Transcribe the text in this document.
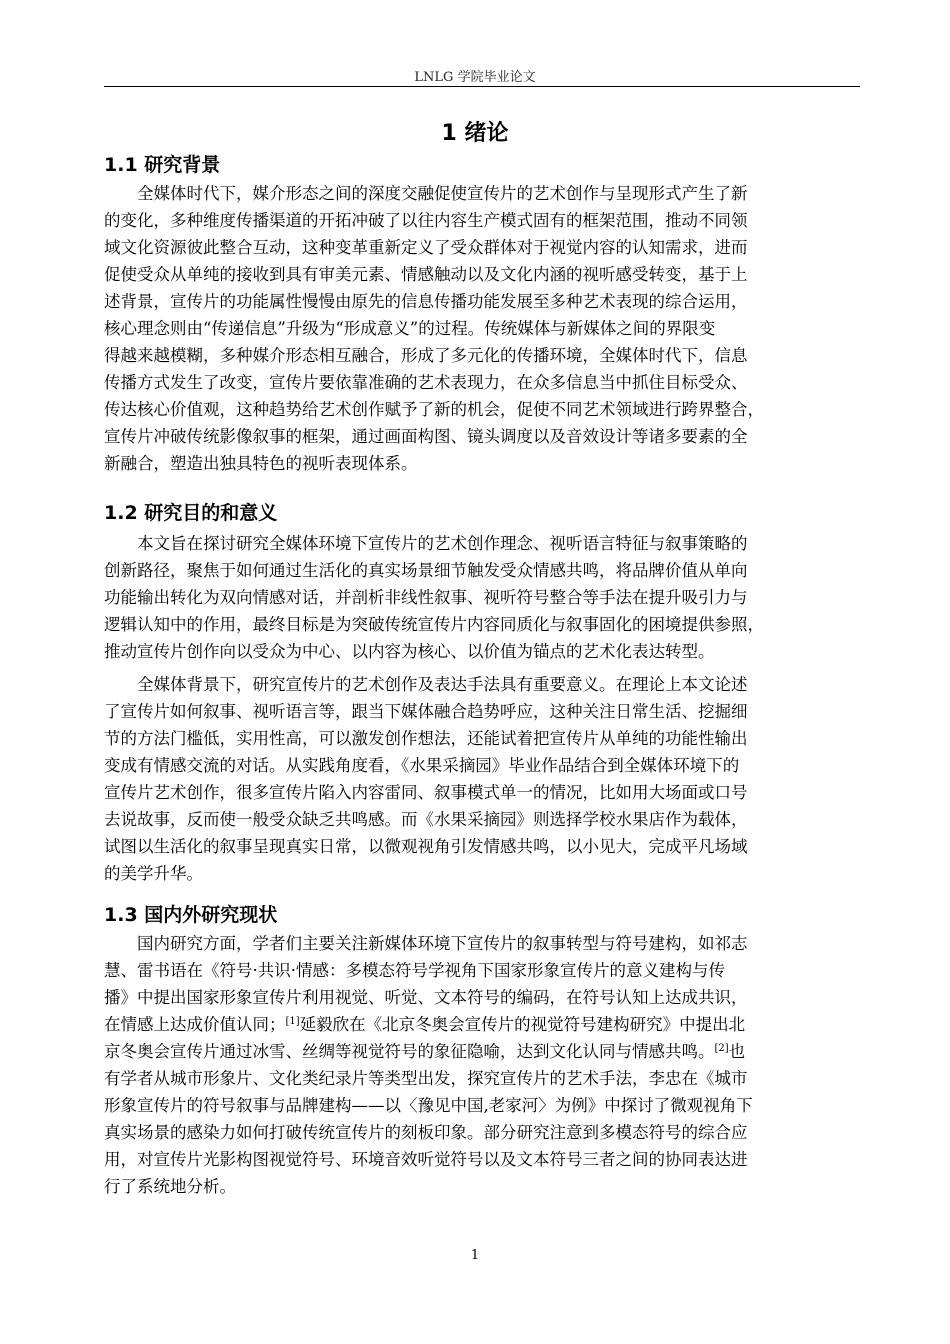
LNLG 学院毕业论文
1 绪论
1.1 研究背景
全媒体时代下，媒介形态之间的深度交融促使宣传片的艺术创作与呈现形式产生了新
的变化，多种维度传播渠道的开拓冲破了以往内容生产模式固有的框架范围，推动不同领
域文化资源彼此整合互动，这种变革重新定义了受众群体对于视觉内容的认知需求，进而
促使受众从单纯的接收到具有审美元素、情感触动以及文化内涵的视听感受转变，基于上
述背景，宣传片的功能属性慢慢由原先的信息传播功能发展至多种艺术表现的综合运用，
核心理念则由“传递信息”升级为“形成意义”的过程。传统媒体与新媒体之间的界限变
得越来越模糊，多种媒介形态相互融合，形成了多元化的传播环境，全媒体时代下，信息
传播方式发生了改变，宣传片要依靠准确的艺术表现力，在众多信息当中抓住目标受众、
传达核心价值观，这种趋势给艺术创作赋予了新的机会，促使不同艺术领域进行跨界整合，
宣传片冲破传统影像叙事的框架，通过画面构图、镜头调度以及音效设计等诸多要素的全
新融合，塑造出独具特色的视听表现体系。
1.2 研究目的和意义
本文旨在探讨研究全媒体环境下宣传片的艺术创作理念、视听语言特征与叙事策略的
创新路径，聚焦于如何通过生活化的真实场景细节触发受众情感共鸣，将品牌价值从单向
功能输出转化为双向情感对话，并剖析非线性叙事、视听符号整合等手法在提升吸引力与
逻辑认知中的作用，最终目标是为突破传统宣传片内容同质化与叙事固化的困境提供参照，
推动宣传片创作向以受众为中心、以内容为核心、以价值为锚点的艺术化表达转型。
全媒体背景下，研究宣传片的艺术创作及表达手法具有重要意义。在理论上本文论述
了宣传片如何叙事、视听语言等，跟当下媒体融合趋势呼应，这种关注日常生活、挖掘细
节的方法门槛低，实用性高，可以激发创作想法，还能试着把宣传片从单纯的功能性输出
变成有情感交流的对话。从实践角度看，《水果采摘园》毕业作品结合到全媒体环境下的
宣传片艺术创作，很多宣传片陷入内容雷同、叙事模式单一的情况，比如用大场面或口号
去说故事，反而使一般受众缺乏共鸣感。而《水果采摘园》则选择学校水果店作为载体，
试图以生活化的叙事呈现真实日常，以微观视角引发情感共鸣，以小见大，完成平凡场域
的美学升华。
1.3 国内外研究现状
国内研究方面，学者们主要关注新媒体环境下宣传片的叙事转型与符号建构，如祁志
慧、雷书语在《符号·共识·情感：多模态符号学视角下国家形象宣传片的意义建构与传
播》中提出国家形象宣传片利用视觉、听觉、文本符号的编码，在符号认知上达成共识，
在情感上达成价值认同；[1]延毅欣在《北京冬奥会宣传片的视觉符号建构研究》中提出北
京冬奥会宣传片通过冰雪、丝绸等视觉符号的象征隐喻，达到文化认同与情感共鸣。[2]也
有学者从城市形象片、文化类纪录片等类型出发，探究宣传片的艺术手法，李忠在《城市
形象宣传片的符号叙事与品牌建构——以〈豫见中国,老家河〉为例》中探讨了微观视角下
真实场景的感染力如何打破传统宣传片的刻板印象。部分研究注意到多模态符号的综合应
用，对宣传片光影构图视觉符号、环境音效听觉符号以及文本符号三者之间的协同表达进
行了系统地分析。
1
